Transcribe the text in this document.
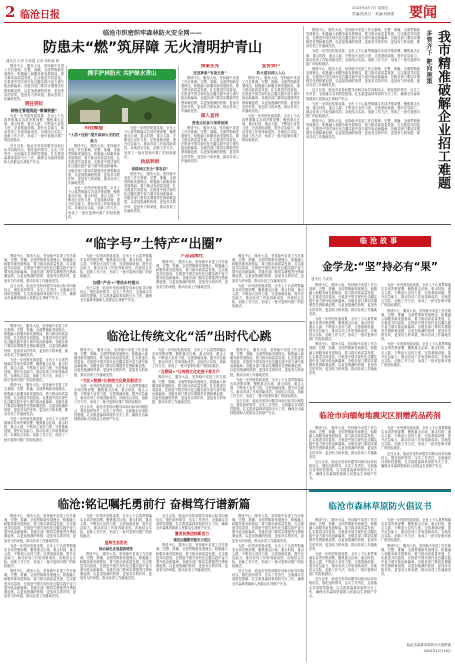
2 临沧日报
2023年4月7日 星期五
责编/段美芬 美编/刘海燕 要闻
临沧市织密织牢森林防火安全网——
防患未“燃”筑屏障 无火清明护青山
通讯员 记者 田秋霞 记者 杨秋蓉 摄
携手护林防火 共护绿水青山

围绕中心、服务大局，坚持稳中求进工作总基调，完整、准确、全面贯彻新发展理念，积极融入和服务新发展格局，着力推动高质量发展，扎实推进共同富裕，在推进中国式现代化边疆实践中奋力谱写临沧新篇章。各级各部门要切实增强责任感和紧迫感，以更加饱满的热情、更加务实的作风、更加有力的举措，推动各项工作落地见效。

责任到位
网格化管理筑起“铜墙铁壁”

为进一步巩固发展成果，全市上下认真贯彻落实各项决策部署，聚焦重点区域、重点时段、重点人群，不断加大宣传力度，完善基础设施，提升应急能力，推动各项工作取得新成效。各地结合实际，创新工作方法，形成了一批可复制可推广的经验做法。

近日以来，临沧市坚持问题导向和目标导向相结合，强化组织领导，压实工作责任，全面落实各项防控措施，扎实推进森林草原防灭火工作，确保全市森林资源和人民群众生命财产安全。

科技赋能
“人防+技防”提升森林火灾防控能力

围绕中心、服务大局，坚持稳中求进工作总基调，完整、准确、全面贯彻新发展理念，积极融入和服务新发展格局，着力推动高质量发展，扎实推进共同富裕，在推进中国式现代化边疆实践中奋力谱写临沧新篇章。各级各部门要切实增强责任感和紧迫感，以更加饱满的热情、更加务实的作风、更加有力的举措，推动各项工作落地见效。

为进一步巩固发展成果，全市上下认真贯彻落实各项决策部署，聚焦重点区域、重点时段、重点人群，不断加大宣传力度，完善基础设施，提升应急能力，推动各项工作取得新成效。各地结合实际，创新工作方法，形成了一批可复制可推广的经验做法。

为进一步巩固发展成果，全市上下认真贯彻落实各项决策部署，聚焦重点区域、重点时段、重点人群，不断加大宣传力度，完善基础设施，提升应急能力，推动各项工作取得新成效。各地结合实际，创新工作方法，形成了一批可复制可推广的经验做法。

执法利剑
保障林区安全“零容忍”

围绕中心、服务大局，坚持稳中求进工作总基调，完整、准确、全面贯彻新发展理念，积极融入和服务新发展格局，着力推动高质量发展，扎实推进共同富裕，在推进中国式现代化边疆实践中奋力谱写临沧新篇章。各级各部门要切实增强责任感和紧迫感，以更加饱满的热情、更加务实的作风、更加有力的举措，推动各项工作落地见效。

预案在先
应急准备“有备无患”

围绕中心、服务大局，坚持稳中求进工作总基调，完整、准确、全面贯彻新发展理念，积极融入和服务新发展格局，着力推动高质量发展，扎实推进共同富裕，在推进中国式现代化边疆实践中奋力谱写临沧新篇章。各级各部门要切实增强责任感和紧迫感，以更加饱满的热情、更加务实的作风、更加有力的举措，推动各项工作落地见效。

深入宣传
营造全民参与浓厚氛围

围绕中心、服务大局，坚持稳中求进工作总基调，完整、准确、全面贯彻新发展理念，积极融入和服务新发展格局，着力推动高质量发展，扎实推进共同富裕，在推进中国式现代化边疆实践中奋力谱写临沧新篇章。各级各部门要切实增强责任感和紧迫感，以更加饱满的热情、更加务实的作风、更加有力的举措，推动各项工作落地见效。

宣传到户
防火意识深入人心

围绕中心、服务大局，坚持稳中求进工作总基调，完整、准确、全面贯彻新发展理念，积极融入和服务新发展格局，着力推动高质量发展，扎实推进共同富裕，在推进中国式现代化边疆实践中奋力谱写临沧新篇章。各级各部门要切实增强责任感和紧迫感，以更加饱满的热情、更加务实的作风、更加有力的举措，推动各项工作落地见效。

为进一步巩固发展成果，全市上下认真贯彻落实各项决策部署，聚焦重点区域、重点时段、重点人群，不断加大宣传力度，完善基础设施，提升应急能力，推动各项工作取得新成效。各地结合实际，创新工作方法，形成了一批可复制可推广的经验做法。

围绕中心、服务大局，坚持稳中求进工作总基调，完整、准确、全面贯彻新发展理念，积极融入和服务新发展格局，着力推动高质量发展，扎实推进共同富裕，在推进中国式现代化边疆实践中奋力谱写临沧新篇章。各级各部门要切实增强责任感和紧迫感，以更加饱满的热情、更加务实的作风、更加有力的举措，推动各项工作落地见效。

为进一步巩固发展成果，全市上下认真贯彻落实各项决策部署，聚焦重点区域、重点时段、重点人群，不断加大宣传力度，完善基础设施，提升应急能力，推动各项工作取得新成效。各地结合实际，创新工作方法，形成了一批可复制可推广的经验做法。

围绕中心、服务大局，坚持稳中求进工作总基调，完整、准确、全面贯彻新发展理念，积极融入和服务新发展格局，着力推动高质量发展，扎实推进共同富裕，在推进中国式现代化边疆实践中奋力谱写临沧新篇章。各级各部门要切实增强责任感和紧迫感，以更加饱满的热情、更加务实的作风、更加有力的举措，推动各项工作落地见效。

近日以来，临沧市坚持问题导向和目标导向相结合，强化组织领导，压实工作责任，全面落实各项防控措施，扎实推进森林草原防灭火工作，确保全市森林资源和人民群众生命财产安全。

为进一步巩固发展成果，全市上下认真贯彻落实各项决策部署，聚焦重点区域、重点时段、重点人群，不断加大宣传力度，完善基础设施，提升应急能力，推动各项工作取得新成效。各地结合实际，创新工作方法，形成了一批可复制可推广的经验做法。

围绕中心、服务大局，坚持稳中求进工作总基调，完整、准确、全面贯彻新发展理念，积极融入和服务新发展格局，着力推动高质量发展，扎实推进共同富裕，在推进中国式现代化边疆实践中奋力谱写临沧新篇章。各级各部门要切实增强责任感和紧迫感，以更加饱满的热情、更加务实的作风、更加有力的举措，推动各项工作落地见效。

多管齐下 靶向施策 我市精准破解企业招工难题
“临字号”土特产“出圈”

围绕中心、服务大局，坚持稳中求进工作总基调，完整、准确、全面贯彻新发展理念，积极融入和服务新发展格局，着力推动高质量发展，扎实推进共同富裕，在推进中国式现代化边疆实践中奋力谱写临沧新篇章。各级各部门要切实增强责任感和紧迫感，以更加饱满的热情、更加务实的作风、更加有力的举措，推动各项工作落地见效。

近日以来，临沧市坚持问题导向和目标导向相结合，强化组织领导，压实工作责任，全面落实各项防控措施，扎实推进森林草原防灭火工作，确保全市森林资源和人民群众生命财产安全。

为进一步巩固发展成果，全市上下认真贯彻落实各项决策部署，聚焦重点区域、重点时段、重点人群，不断加大宣传力度，完善基础设施，提升应急能力，推动各项工作取得新成效。各地结合实际，创新工作方法，形成了一批可复制可推广的经验做法。

加强“产业+”带动乡村振兴

近日以来，临沧市坚持问题导向和目标导向相结合，强化组织领导，压实工作责任，全面落实各项防控措施，扎实推进森林草原防灭火工作，确保全市森林资源和人民群众生命财产安全。

产品品牌化

围绕中心、服务大局，坚持稳中求进工作总基调，完整、准确、全面贯彻新发展理念，积极融入和服务新发展格局，着力推动高质量发展，扎实推进共同富裕，在推进中国式现代化边疆实践中奋力谱写临沧新篇章。各级各部门要切实增强责任感和紧迫感，以更加饱满的热情、更加务实的作风、更加有力的举措，推动各项工作落地见效。

围绕中心、服务大局，坚持稳中求进工作总基调，完整、准确、全面贯彻新发展理念，积极融入和服务新发展格局，着力推动高质量发展，扎实推进共同富裕，在推进中国式现代化边疆实践中奋力谱写临沧新篇章。各级各部门要切实增强责任感和紧迫感，以更加饱满的热情、更加务实的作风、更加有力的举措，推动各项工作落地见效。

为进一步巩固发展成果，全市上下认真贯彻落实各项决策部署，聚焦重点区域、重点时段、重点人群，不断加大宣传力度，完善基础设施，提升应急能力，推动各项工作取得新成效。各地结合实际，创新工作方法，形成了一批可复制可推广的经验做法。

临沧故事
金学龙:“坚”持必有“果”
通讯员 马成泰

围绕中心、服务大局，坚持稳中求进工作总基调，完整、准确、全面贯彻新发展理念，积极融入和服务新发展格局，着力推动高质量发展，扎实推进共同富裕，在推进中国式现代化边疆实践中奋力谱写临沧新篇章。各级各部门要切实增强责任感和紧迫感，以更加饱满的热情、更加务实的作风、更加有力的举措，推动各项工作落地见效。

为进一步巩固发展成果，全市上下认真贯彻落实各项决策部署，聚焦重点区域、重点时段、重点人群，不断加大宣传力度，完善基础设施，提升应急能力，推动各项工作取得新成效。各地结合实际，创新工作方法，形成了一批可复制可推广的经验做法。

围绕中心、服务大局，坚持稳中求进工作总基调，完整、准确、全面贯彻新发展理念，积极融入和服务新发展格局，着力推动高质量发展，扎实推进共同富裕，在推进中国式现代化边疆实践中奋力谱写临沧新篇章。各级各部门要切实增强责任感和紧迫感，以更加饱满的热情、更加务实的作风、更加有力的举措，推动各项工作落地见效。

为进一步巩固发展成果，全市上下认真贯彻落实各项决策部署，聚焦重点区域、重点时段、重点人群，不断加大宣传力度，完善基础设施，提升应急能力，推动各项工作取得新成效。各地结合实际，创新工作方法，形成了一批可复制可推广的经验做法。

围绕中心、服务大局，坚持稳中求进工作总基调，完整、准确、全面贯彻新发展理念，积极融入和服务新发展格局，着力推动高质量发展，扎实推进共同富裕，在推进中国式现代化边疆实践中奋力谱写临沧新篇章。各级各部门要切实增强责任感和紧迫感，以更加饱满的热情、更加务实的作风、更加有力的举措，推动各项工作落地见效。

为进一步巩固发展成果，全市上下认真贯彻落实各项决策部署，聚焦重点区域、重点时段、重点人群，不断加大宣传力度，完善基础设施，提升应急能力，推动各项工作取得新成效。各地结合实际，创新工作方法，形成了一批可复制可推广的经验做法。

围绕中心、服务大局，坚持稳中求进工作总基调，完整、准确、全面贯彻新发展理念，积极融入和服务新发展格局，着力推动高质量发展，扎实推进共同富裕，在推进中国式现代化边疆实践中奋力谱写临沧新篇章。各级各部门要切实增强责任感和紧迫感，以更加饱满的热情、更加务实的作风、更加有力的举措，推动各项工作落地见效。

为进一步巩固发展成果，全市上下认真贯彻落实各项决策部署，聚焦重点区域、重点时段、重点人群，不断加大宣传力度，完善基础设施，提升应急能力，推动各项工作取得新成效。各地结合实际，创新工作方法，形成了一批可复制可推广的经验做法。

围绕中心、服务大局，坚持稳中求进工作总基调，完整、准确、全面贯彻新发展理念，积极融入和服务新发展格局，着力推动高质量发展，扎实推进共同富裕，在推进中国式现代化边疆实践中奋力谱写临沧新篇章。各级各部门要切实增强责任感和紧迫感，以更加饱满的热情、更加务实的作风、更加有力的举措，推动各项工作落地见效。

为进一步巩固发展成果，全市上下认真贯彻落实各项决策部署，聚焦重点区域、重点时段、重点人群，不断加大宣传力度，完善基础设施，提升应急能力，推动各项工作取得新成效。各地结合实际，创新工作方法，形成了一批可复制可推广的经验做法。

临沧让传统文化“活”出时代心跳

围绕中心、服务大局，坚持稳中求进工作总基调，完整、准确、全面贯彻新发展理念，积极融入和服务新发展格局，着力推动高质量发展，扎实推进共同富裕，在推进中国式现代化边疆实践中奋力谱写临沧新篇章。各级各部门要切实增强责任感和紧迫感，以更加饱满的热情、更加务实的作风、更加有力的举措，推动各项工作落地见效。

“文化+旅游”让传统文化焕发新活力

为进一步巩固发展成果，全市上下认真贯彻落实各项决策部署，聚焦重点区域、重点时段、重点人群，不断加大宣传力度，完善基础设施，提升应急能力，推动各项工作取得新成效。各地结合实际，创新工作方法，形成了一批可复制可推广的经验做法。

近日以来，临沧市坚持问题导向和目标导向相结合，强化组织领导，压实工作责任，全面落实各项防控措施，扎实推进森林草原防灭火工作，确保全市森林资源和人民群众生命财产安全。

为进一步巩固发展成果，全市上下认真贯彻落实各项决策部署，聚焦重点区域、重点时段、重点人群，不断加大宣传力度，完善基础设施，提升应急能力，推动各项工作取得新成效。各地结合实际，创新工作方法，形成了一批可复制可推广的经验做法。

“互联网+”让传统文化走进千家万户

围绕中心、服务大局，坚持稳中求进工作总基调，完整、准确、全面贯彻新发展理念，积极融入和服务新发展格局，着力推动高质量发展，扎实推进共同富裕，在推进中国式现代化边疆实践中奋力谱写临沧新篇章。各级各部门要切实增强责任感和紧迫感，以更加饱满的热情、更加务实的作风、更加有力的举措，推动各项工作落地见效。

围绕中心、服务大局，坚持稳中求进工作总基调，完整、准确、全面贯彻新发展理念，积极融入和服务新发展格局，着力推动高质量发展，扎实推进共同富裕，在推进中国式现代化边疆实践中奋力谱写临沧新篇章。各级各部门要切实增强责任感和紧迫感，以更加饱满的热情、更加务实的作风、更加有力的举措，推动各项工作落地见效。

为进一步巩固发展成果，全市上下认真贯彻落实各项决策部署，聚焦重点区域、重点时段、重点人群，不断加大宣传力度，完善基础设施，提升应急能力，推动各项工作取得新成效。各地结合实际，创新工作方法，形成了一批可复制可推广的经验做法。

近日以来，临沧市坚持问题导向和目标导向相结合，强化组织领导，压实工作责任，全面落实各项防控措施，扎实推进森林草原防灭火工作，确保全市森林资源和人民群众生命财产安全。	临沧市向缅甸地震灾区捐赠药品药剂

围绕中心、服务大局，坚持稳中求进工作总基调，完整、准确、全面贯彻新发展理念，积极融入和服务新发展格局，着力推动高质量发展，扎实推进共同富裕，在推进中国式现代化边疆实践中奋力谱写临沧新篇章。各级各部门要切实增强责任感和紧迫感，以更加饱满的热情、更加务实的作风、更加有力的举措，推动各项工作落地见效。

近日以来，临沧市坚持问题导向和目标导向相结合，强化组织领导，压实工作责任，全面落实各项防控措施，扎实推进森林草原防灭火工作，确保全市森林资源和人民群众生命财产安全。

为进一步巩固发展成果，全市上下认真贯彻落实各项决策部署，聚焦重点区域、重点时段、重点人群，不断加大宣传力度，完善基础设施，提升应急能力，推动各项工作取得新成效。各地结合实际，创新工作方法，形成了一批可复制可推广的经验做法。

近日以来，临沧市坚持问题导向和目标导向相结合，强化组织领导，压实工作责任，全面落实各项防控措施，扎实推进森林草原防灭火工作，确保全市森林资源和人民群众生命财产安全。

临沧:铭记嘱托勇前行 奋楫笃行谱新篇

围绕中心、服务大局，坚持稳中求进工作总基调，完整、准确、全面贯彻新发展理念，积极融入和服务新发展格局，着力推动高质量发展，扎实推进共同富裕，在推进中国式现代化边疆实践中奋力谱写临沧新篇章。各级各部门要切实增强责任感和紧迫感，以更加饱满的热情、更加务实的作风、更加有力的举措，推动各项工作落地见效。

为进一步巩固发展成果，全市上下认真贯彻落实各项决策部署，聚焦重点区域、重点时段、重点人群，不断加大宣传力度，完善基础设施，提升应急能力，推动各项工作取得新成效。各地结合实际，创新工作方法，形成了一批可复制可推广的经验做法。

围绕中心、服务大局，坚持稳中求进工作总基调，完整、准确、全面贯彻新发展理念，积极融入和服务新发展格局，着力推动高质量发展，扎实推进共同富裕，在推进中国式现代化边疆实践中奋力谱写临沧新篇章。各级各部门要切实增强责任感和紧迫感，以更加饱满的热情、更加务实的作风、更加有力的举措，推动各项工作落地见效。

为进一步巩固发展成果，全市上下认真贯彻落实各项决策部署，聚焦重点区域、重点时段、重点人群，不断加大宣传力度，完善基础设施，提升应急能力，推动各项工作取得新成效。各地结合实际，创新工作方法，形成了一批可复制可推广的经验做法。

坚持生态优先
推动绿色发展提质增效

围绕中心、服务大局，坚持稳中求进工作总基调，完整、准确、全面贯彻新发展理念，积极融入和服务新发展格局，着力推动高质量发展，扎实推进共同富裕，在推进中国式现代化边疆实践中奋力谱写临沧新篇章。各级各部门要切实增强责任感和紧迫感，以更加饱满的热情、更加务实的作风、更加有力的举措，推动各项工作落地见效。

近日以来，临沧市坚持问题导向和目标导向相结合，强化组织领导，压实工作责任，全面落实各项防控措施，扎实推进森林草原防灭火工作，确保全市森林资源和人民群众生命财产安全。

激发民族团结新活力
建设边疆繁荣稳定示范区

围绕中心、服务大局，坚持稳中求进工作总基调，完整、准确、全面贯彻新发展理念，积极融入和服务新发展格局，着力推动高质量发展，扎实推进共同富裕，在推进中国式现代化边疆实践中奋力谱写临沧新篇章。各级各部门要切实增强责任感和紧迫感，以更加饱满的热情、更加务实的作风、更加有力的举措，推动各项工作落地见效。

围绕中心、服务大局，坚持稳中求进工作总基调，完整、准确、全面贯彻新发展理念，积极融入和服务新发展格局，着力推动高质量发展，扎实推进共同富裕，在推进中国式现代化边疆实践中奋力谱写临沧新篇章。各级各部门要切实增强责任感和紧迫感，以更加饱满的热情、更加务实的作风、更加有力的举措，推动各项工作落地见效。

为进一步巩固发展成果，全市上下认真贯彻落实各项决策部署，聚焦重点区域、重点时段、重点人群，不断加大宣传力度，完善基础设施，提升应急能力，推动各项工作取得新成效。各地结合实际，创新工作方法，形成了一批可复制可推广的经验做法。

近日以来，临沧市坚持问题导向和目标导向相结合，强化组织领导，压实工作责任，全面落实各项防控措施，扎实推进森林草原防灭火工作，确保全市森林资源和人民群众生命财产安全。

临沧市森林草原防火倡议书

围绕中心、服务大局，坚持稳中求进工作总基调，完整、准确、全面贯彻新发展理念，积极融入和服务新发展格局，着力推动高质量发展，扎实推进共同富裕，在推进中国式现代化边疆实践中奋力谱写临沧新篇章。各级各部门要切实增强责任感和紧迫感，以更加饱满的热情、更加务实的作风、更加有力的举措，推动各项工作落地见效。

为进一步巩固发展成果，全市上下认真贯彻落实各项决策部署，聚焦重点区域、重点时段、重点人群，不断加大宣传力度，完善基础设施，提升应急能力，推动各项工作取得新成效。各地结合实际，创新工作方法，形成了一批可复制可推广的经验做法。

近日以来，临沧市坚持问题导向和目标导向相结合，强化组织领导，压实工作责任，全面落实各项防控措施，扎实推进森林草原防灭火工作，确保全市森林资源和人民群众生命财产安全。

为进一步巩固发展成果，全市上下认真贯彻落实各项决策部署，聚焦重点区域、重点时段、重点人群，不断加大宣传力度，完善基础设施，提升应急能力，推动各项工作取得新成效。各地结合实际，创新工作方法，形成了一批可复制可推广的经验做法。

围绕中心、服务大局，坚持稳中求进工作总基调，完整、准确、全面贯彻新发展理念，积极融入和服务新发展格局，着力推动高质量发展，扎实推进共同富裕，在推进中国式现代化边疆实践中奋力谱写临沧新篇章。各级各部门要切实增强责任感和紧迫感，以更加饱满的热情、更加务实的作风、更加有力的举措，推动各项工作落地见效。

临沧市森林草原防灭火指挥部
2024年12月18日
